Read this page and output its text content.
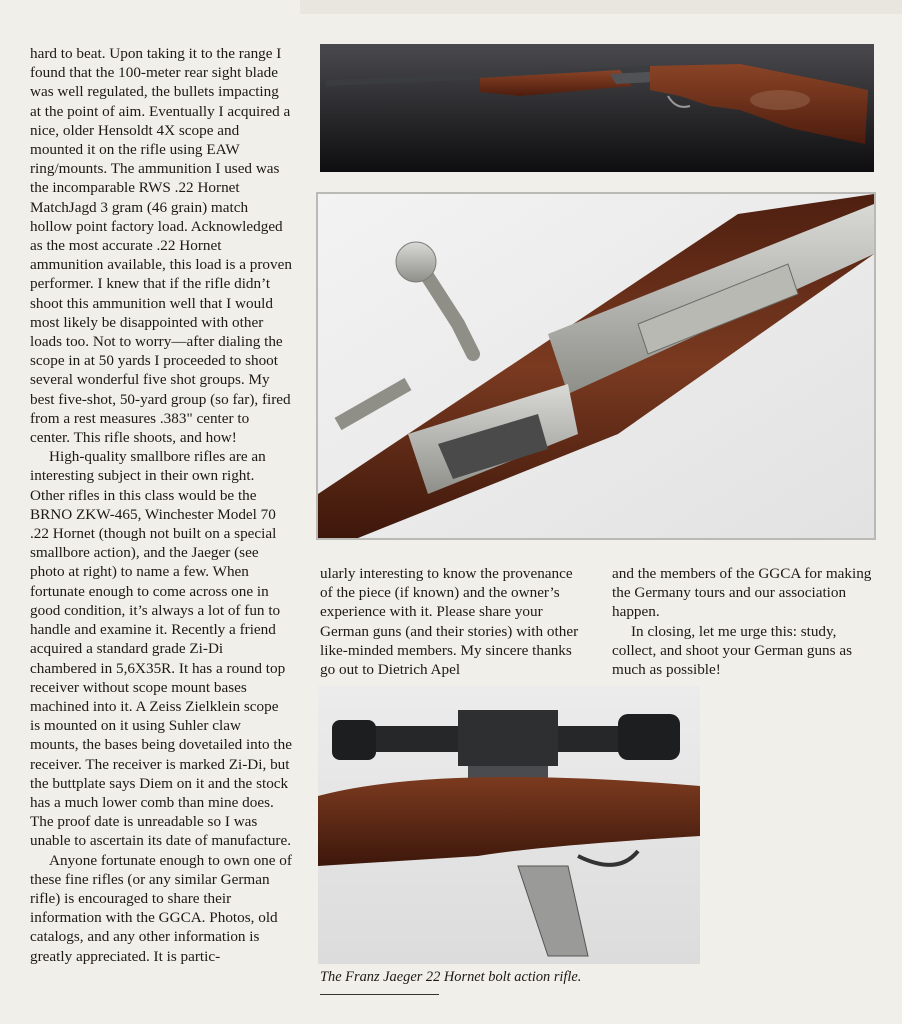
hard to beat. Upon taking it to the range I found that the 100-meter rear sight blade was well regulated, the bullets impacting at the point of aim. Eventually I acquired a nice, older Hensoldt 4X scope and mounted it on the rifle using EAW ring/mounts. The ammunition I used was the incomparable RWS .22 Hornet MatchJagd 3 gram (46 grain) match hollow point factory load. Acknowledged as the most accurate .22 Hornet ammunition available, this load is a proven performer. I knew that if the rifle didn’t shoot this ammunition well that I would most likely be disappointed with other loads too. Not to worry—after dialing the scope in at 50 yards I proceeded to shoot several wonderful five shot groups. My best five-shot, 50-yard group (so far), fired from a rest measures .383" center to center. This rifle shoots, and how!

High-quality smallbore rifles are an interesting subject in their own right. Other rifles in this class would be the BRNO ZKW-465, Winchester Model 70 .22 Hornet (though not built on a special smallbore action), and the Jaeger (see photo at right) to name a few. When fortunate enough to come across one in good condition, it’s always a lot of fun to handle and examine it. Recently a friend acquired a standard grade Zi-Di chambered in 5,6X35R. It has a round top receiver without scope mount bases machined into it. A Zeiss Zielklein scope is mounted on it using Suhler claw mounts, the bases being dovetailed into the receiver. The receiver is marked Zi-Di, but the buttplate says Diem on it and the stock has a much lower comb than mine does. The proof date is unreadable so I was unable to ascertain its date of manufacture.

Anyone fortunate enough to own one of these fine rifles (or any similar German rifle) is encouraged to share their information with the GGCA. Photos, old catalogs, and any other information is greatly appreciated. It is partic-

ularly interesting to know the provenance of the piece (if known) and the owner’s experience with it. Please share your German guns (and their stories) with other like-minded members. My sincere thanks go out to Dietrich Apel

and the members of the GGCA for making the Germany tours and our association happen.

In closing, let me urge this: study, collect, and shoot your German guns as much as possible!

The Franz Jaeger 22 Hornet bolt action rifle.
